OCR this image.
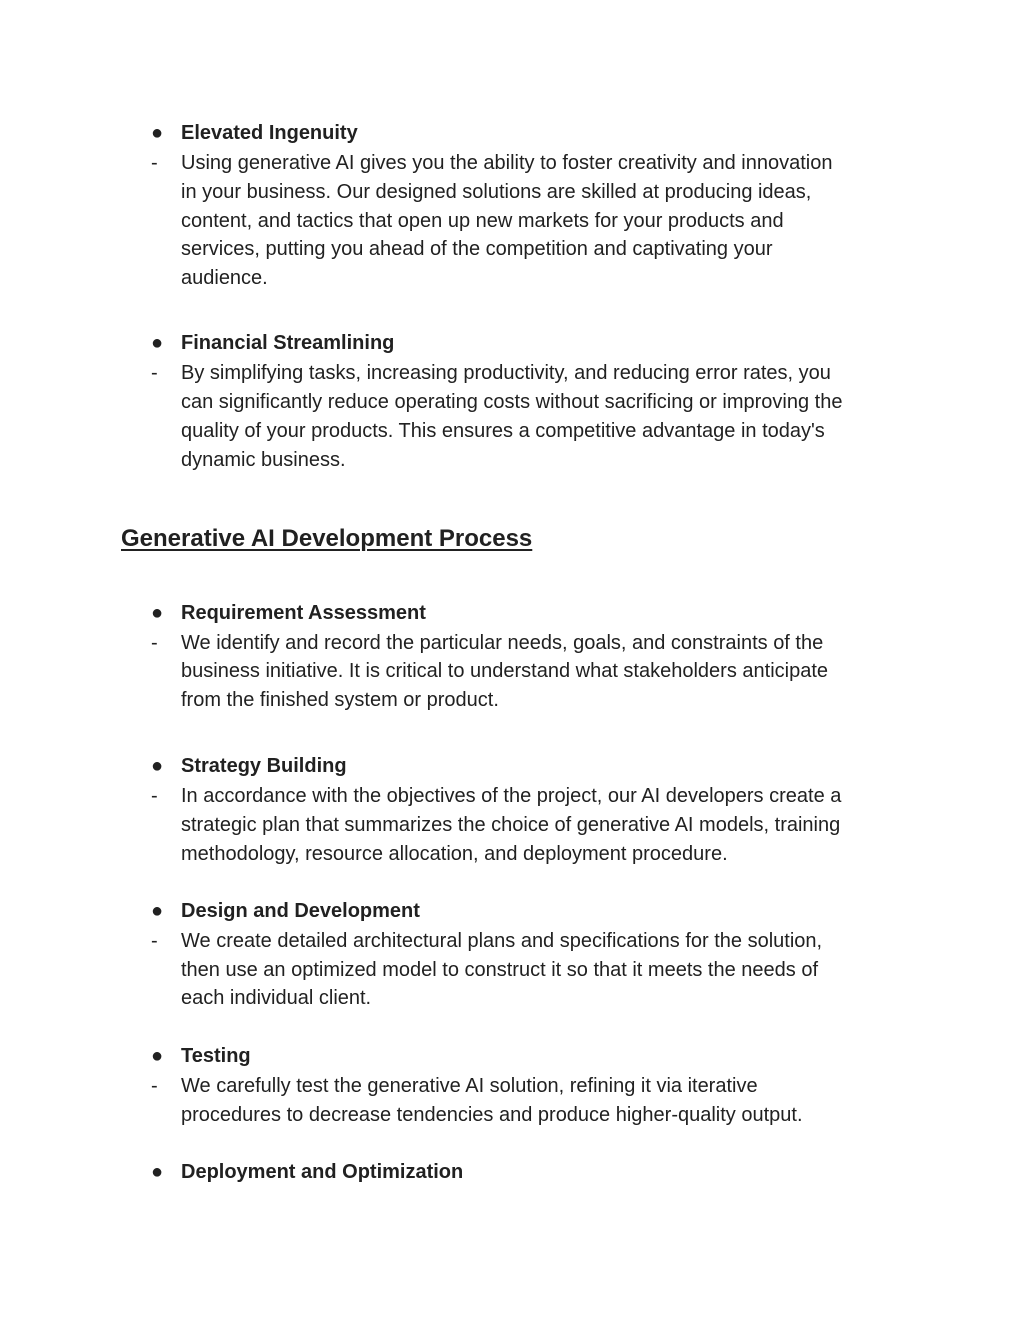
● Elevated Ingenuity
- Using generative AI gives you the ability to foster creativity and innovation
in your business. Our designed solutions are skilled at producing ideas,
content, and tactics that open up new markets for your products and
services, putting you ahead of the competition and captivating your
audience.
● Financial Streamlining
- By simplifying tasks, increasing productivity, and reducing error rates, you
can significantly reduce operating costs without sacrificing or improving the
quality of your products. This ensures a competitive advantage in today's
dynamic business.
Generative AI Development Process
● Requirement Assessment
- We identify and record the particular needs, goals, and constraints of the
business initiative. It is critical to understand what stakeholders anticipate
from the finished system or product.
● Strategy Building
- In accordance with the objectives of the project, our AI developers create a
strategic plan that summarizes the choice of generative AI models, training
methodology, resource allocation, and deployment procedure.
● Design and Development
- We create detailed architectural plans and specifications for the solution,
then use an optimized model to construct it so that it meets the needs of
each individual client.
● Testing
- We carefully test the generative AI solution, refining it via iterative
procedures to decrease tendencies and produce higher-quality output.
● Deployment and Optimization
